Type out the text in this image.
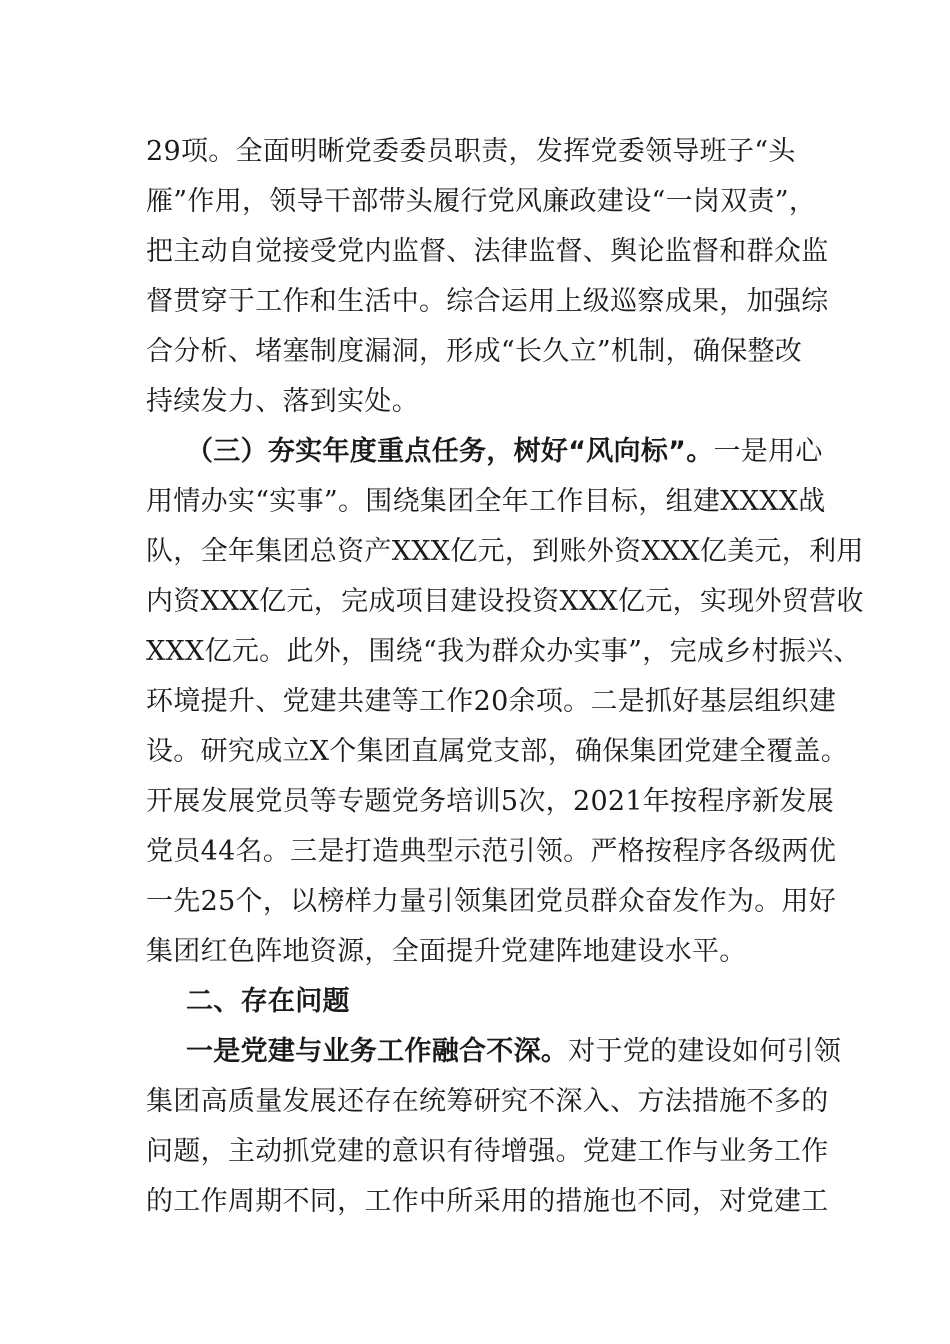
29项。全面明晰党委委员职责，发挥党委领导班子“头
雁”作用，领导干部带头履行党风廉政建设“一岗双责”，
把主动自觉接受党内监督、法律监督、舆论监督和群众监
督贯穿于工作和生活中。综合运用上级巡察成果，加强综
合分析、堵塞制度漏洞，形成“长久立”机制，确保整改
持续发力、落到实处。
（三）夯实年度重点任务，树好“风向标”。一是用心
用情办实“实事”。围绕集团全年工作目标，组建XXXX战
队，全年集团总资产XXX亿元，到账外资XXX亿美元，利用
内资XXX亿元，完成项目建设投资XXX亿元，实现外贸营收
XXX亿元。此外，围绕“我为群众办实事”，完成乡村振兴、
环境提升、党建共建等工作20余项。二是抓好基层组织建
设。研究成立X个集团直属党支部，确保集团党建全覆盖。
开展发展党员等专题党务培训5次，2021年按程序新发展
党员44名。三是打造典型示范引领。严格按程序各级两优
一先25个，以榜样力量引领集团党员群众奋发作为。用好
集团红色阵地资源，全面提升党建阵地建设水平。
二、存在问题
一是党建与业务工作融合不深。对于党的建设如何引领
集团高质量发展还存在统筹研究不深入、方法措施不多的
问题，主动抓党建的意识有待增强。党建工作与业务工作
的工作周期不同，工作中所采用的措施也不同，对党建工
